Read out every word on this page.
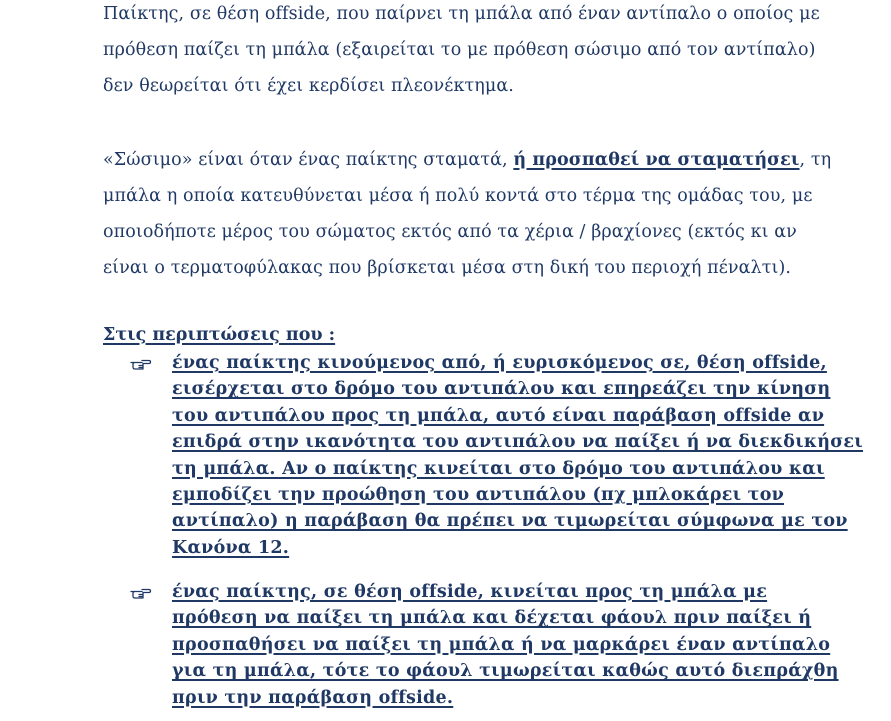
Παίκτης, σε θέση offside, που παίρνει τη μπάλα από έναν αντίπαλο ο οποίος με
πρόθεση παίζει τη μπάλα (εξαιρείται το με πρόθεση σώσιμο από τον αντίπαλο)
δεν θεωρείται ότι έχει κερδίσει πλεονέκτημα.

«Σώσιμο» είναι όταν ένας παίκτης σταματά, ή προσπαθεί να σταματήσει, τη
μπάλα η οποία κατευθύνεται μέσα ή πολύ κοντά στο τέρμα της ομάδας του, με
οποιοδήποτε μέρος του σώματος εκτός από τα χέρια / βραχίονες (εκτός κι αν
είναι ο τερματοφύλακας που βρίσκεται μέσα στη δική του περιοχή πέναλτι).

Στις περιπτώσεις που :

ένας παίκτης κινούμενος από, ή ευρισκόμενος σε, θέση offside,
εισέρχεται στο δρόμο του αντιπάλου και επηρεάζει την κίνηση
του αντιπάλου προς τη μπάλα, αυτό είναι παράβαση offside αν
επιδρά στην ικανότητα του αντιπάλου να παίξει ή να διεκδικήσει
τη μπάλα. Αν ο παίκτης κινείται στο δρόμο του αντιπάλου και
εμποδίζει την προώθηση του αντιπάλου (πχ μπλοκάρει τον
αντίπαλο) η παράβαση θα πρέπει να τιμωρείται σύμφωνα με τον
Κανόνα 12.

ένας παίκτης, σε θέση offside, κινείται προς τη μπάλα με
πρόθεση να παίξει τη μπάλα και δέχεται φάουλ πριν παίξει ή
προσπαθήσει να παίξει τη μπάλα ή να μαρκάρει έναν αντίπαλο
για τη μπάλα, τότε το φάουλ τιμωρείται καθώς αυτό διεπράχθη
πριν την παράβαση offside.
